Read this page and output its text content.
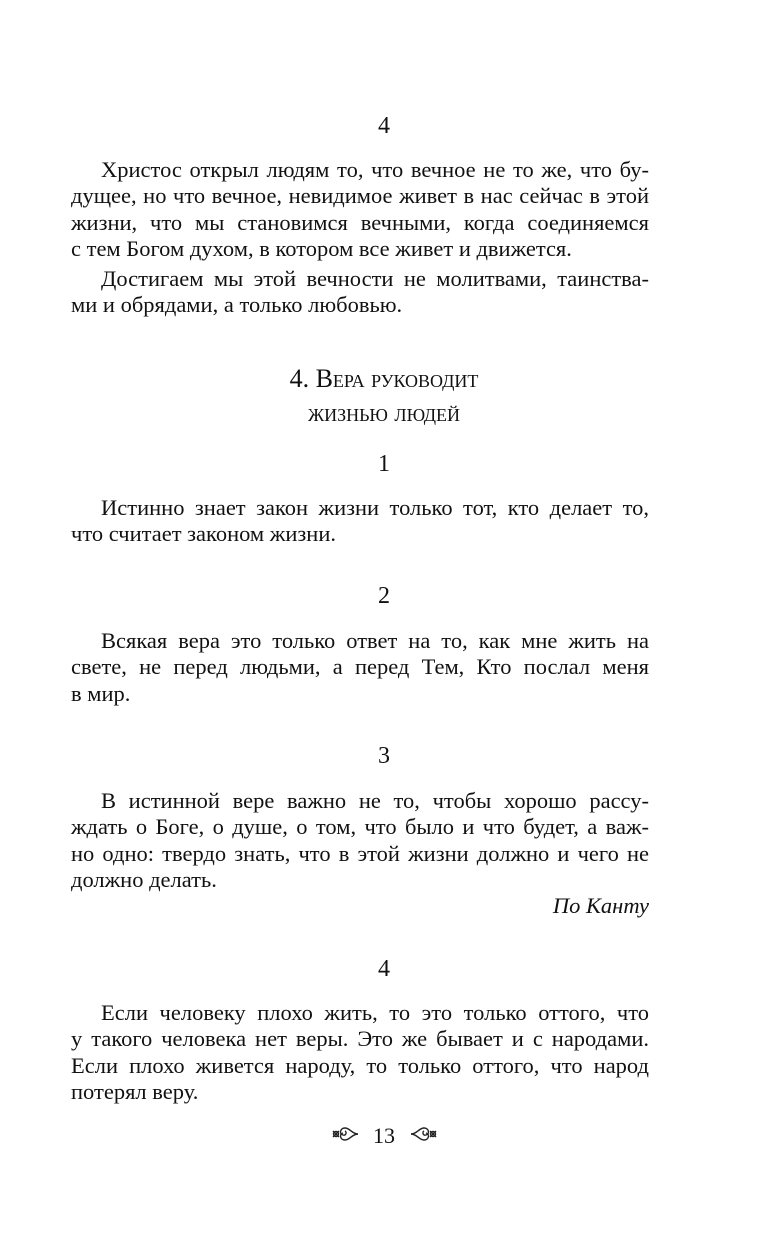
4
Христос открыл людям то, что вечное не то же, что бу-
дущее, но что вечное, невидимое живет в нас сейчас в этой
жизни, что мы становимся вечными, когда соединяемся
с тем Богом духом, в котором все живет и движется.
Достигаем мы этой вечности не молитвами, таинства-
ми и обрядами, а только любовью.
4. Вера руководит
жизнью людей
1
Истинно знает закон жизни только тот, кто делает то,
что считает законом жизни.
2
Всякая вера это только ответ на то, как мне жить на
свете, не перед людьми, а перед Тем, Кто послал меня
в мир.
3
В истинной вере важно не то, чтобы хорошо рассу-
ждать о Боге, о душе, о том, что было и что будет, а важ-
но одно: твердо знать, что в этой жизни должно и чего не
должно делать.
По Канту
4
Если человеку плохо жить, то это только оттого, что
у такого человека нет веры. Это же бывает и с народами.
Если плохо живется народу, то только оттого, что народ
потерял веру.
13
